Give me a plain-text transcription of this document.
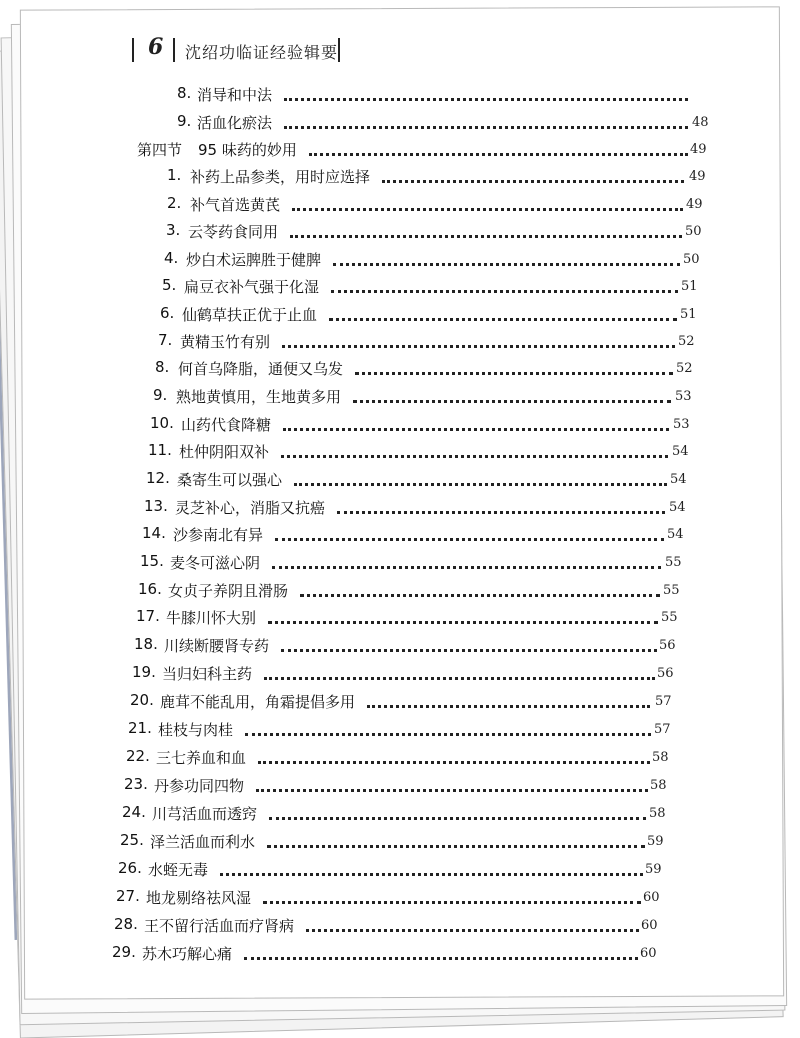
6 沈绍功临证经验辑要
8. 消导和中法
9. 活血化瘀法	48
第四节 95 味药的妙用	49
1. 补药上品参类，用时应选择	49
2. 补气首选黄芪	49
3. 云苓药食同用	50
4. 炒白术运脾胜于健脾	50
5. 扁豆衣补气强于化湿	51
6. 仙鹤草扶正优于止血	51
7. 黄精玉竹有别	52
8. 何首乌降脂，通便又乌发	52
9. 熟地黄慎用，生地黄多用	53
10. 山药代食降糖	53
11. 杜仲阴阳双补	54
12. 桑寄生可以强心	54
13. 灵芝补心，消脂又抗癌	54
14. 沙参南北有异	54
15. 麦冬可滋心阴	55
16. 女贞子养阴且滑肠	55
17. 牛膝川怀大别	55
18. 川续断腰肾专药	56
19. 当归妇科主药	56
20. 鹿茸不能乱用，角霜提倡多用	57
21. 桂枝与肉桂	57
22. 三七养血和血	58
23. 丹参功同四物	58
24. 川芎活血而透窍	58
25. 泽兰活血而利水	59
26. 水蛭无毒	59
27. 地龙剔络祛风湿	60
28. 王不留行活血而疗肾病	60
29. 苏木巧解心痛	60
